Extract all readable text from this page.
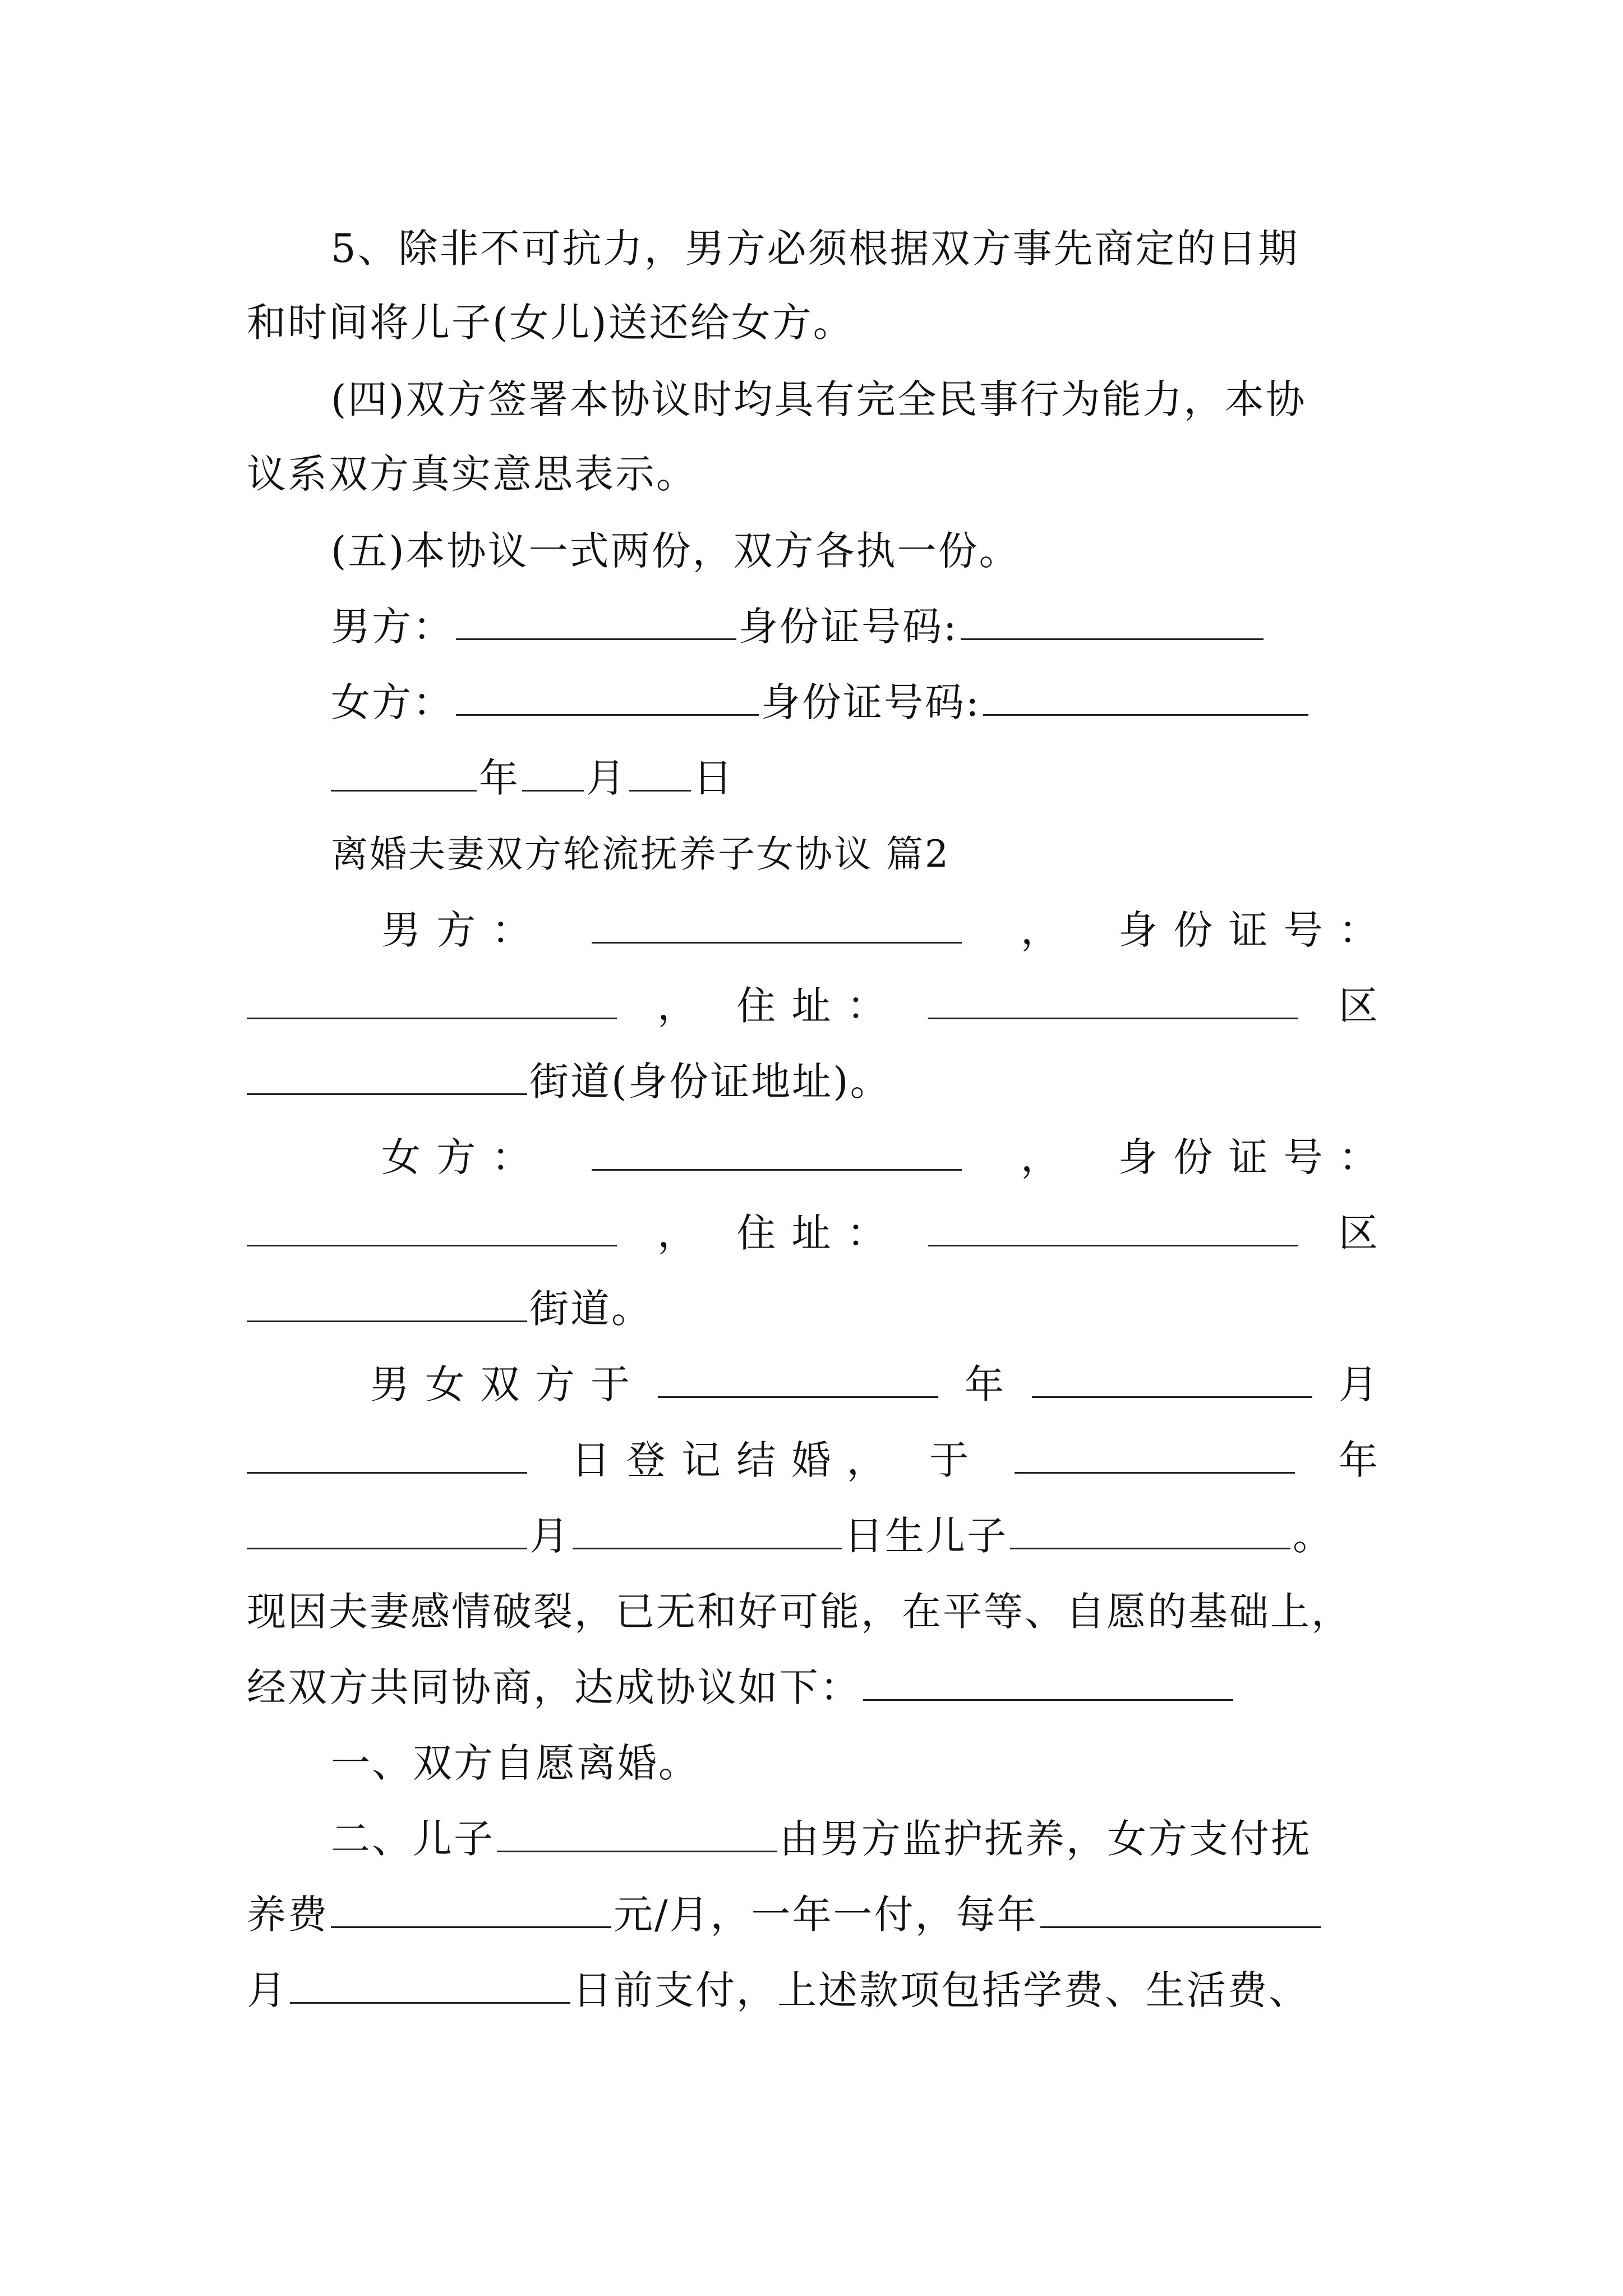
5、除非不可抗力，男方必须根据双方事先商定的日期
和时间将儿子(女儿)送还给女方。
(四)双方签署本协议时均具有完全民事行为能力，本协
议系双方真实意思表示。
(五)本协议一式两份，双方各执一份。
男方：	身份证号码:
女方：	身份证号码:
年 月 日
离婚夫妻双方轮流抚养子女协议 篇2
男 方 ：	， 身 份 证 号 ：
， 住 址 ：	区
街道(身份证地址)。
女 方 ：	， 身 份 证 号 ：
， 住 址 ：	区
街道。
男 女 双 方 于	年	月
日 登 记 结 婚 ， 于	年
月	日生儿子	。
现因夫妻感情破裂，已无和好可能，在平等、自愿的基础上，
经双方共同协商，达成协议如下：
一、双方自愿离婚。
二、儿子	由男方监护抚养，女方支付抚
养费	元/月，一年一付，每年
月	日前支付，上述款项包括学费、生活费、
